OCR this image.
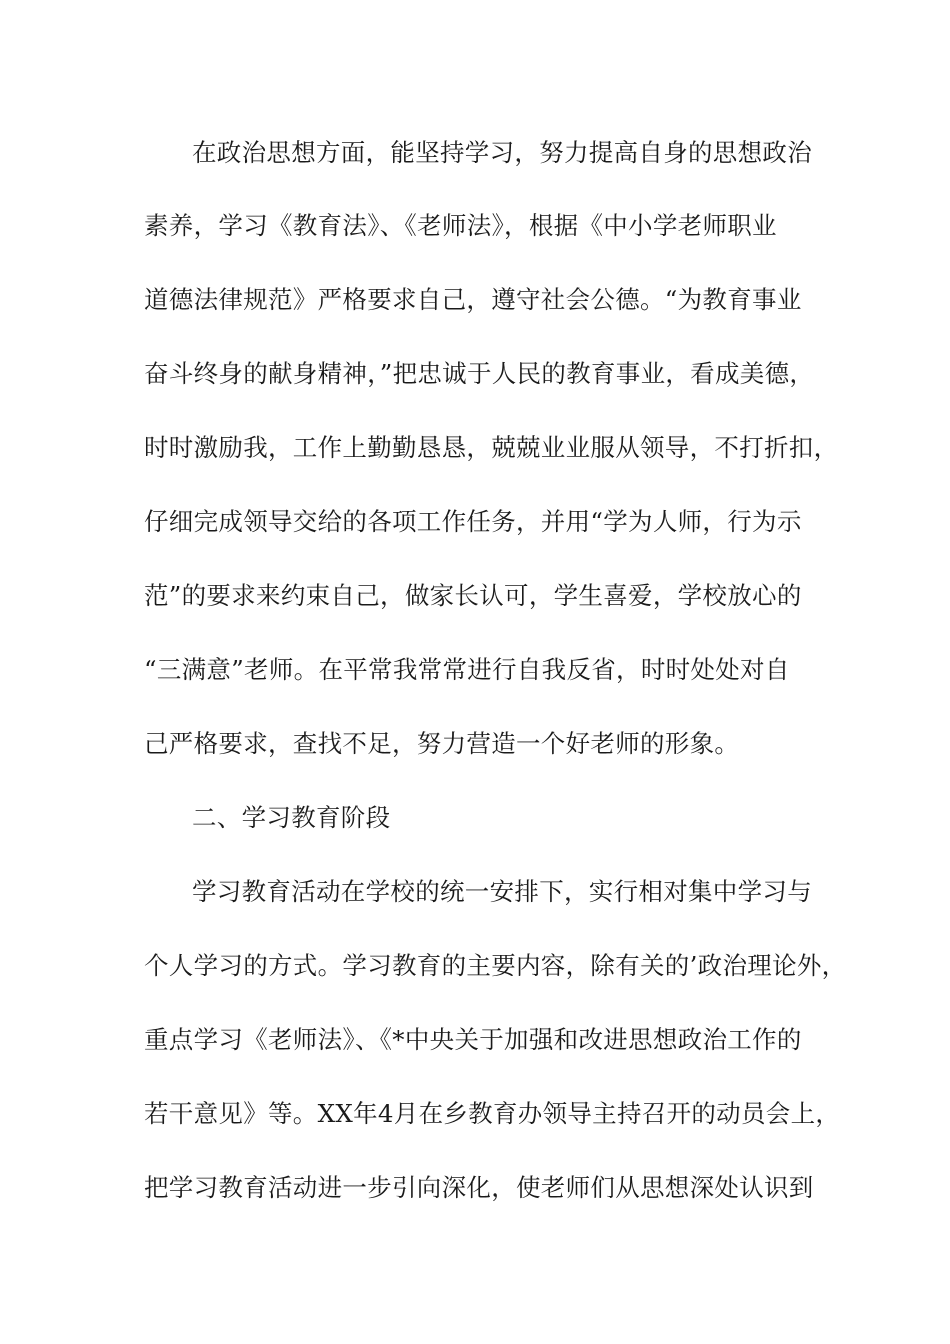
在政治思想方面，能坚持学习，努力提高自身的思想政治
素养，学习《教育法》、《老师法》，根据《中小学老师职业
道德法律规范》严格要求自己，遵守社会公德。“为教育事业
奋斗终身的献身精神，”把忠诚于人民的教育事业，看成美德，
时时激励我，工作上勤勤恳恳，兢兢业业服从领导，不打折扣，
仔细完成领导交给的各项工作任务，并用“学为人师，行为示
范”的要求来约束自己，做家长认可，学生喜爱，学校放心的
“三满意”老师。在平常我常常进行自我反省，时时处处对自
己严格要求，查找不足，努力营造一个好老师的形象。
二、学习教育阶段
学习教育活动在学校的统一安排下，实行相对集中学习与
个人学习的方式。学习教育的主要内容，除有关的’政治理论外，
重点学习《老师法》、《*中央关于加强和改进思想政治工作的
若干意见》等。XX年4月在乡教育办领导主持召开的动员会上，
把学习教育活动进一步引向深化，使老师们从思想深处认识到
